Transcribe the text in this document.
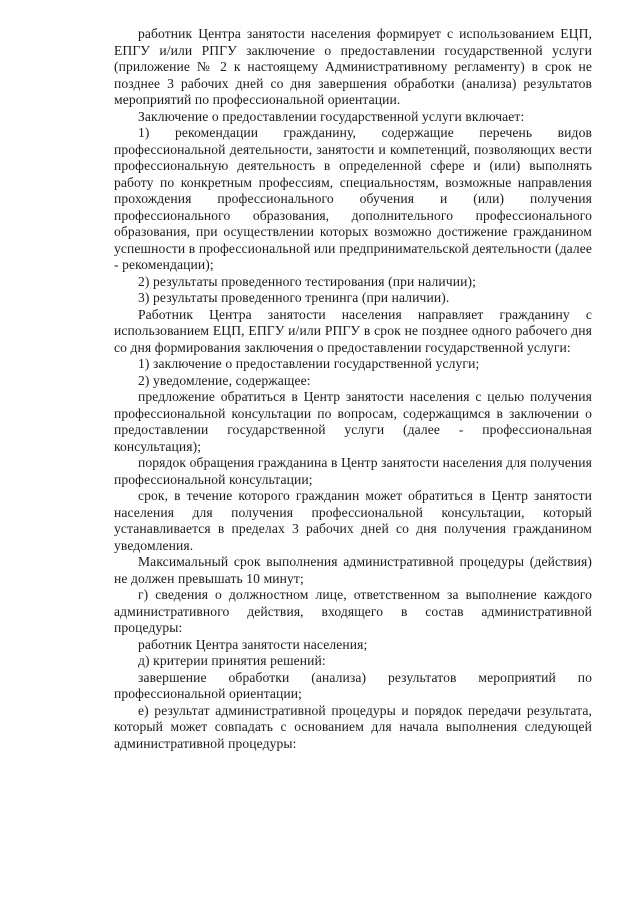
работник Центра занятости населения формирует с использованием ЕЦП, ЕПГУ и/или РПГУ заключение о предоставлении государственной услуги (приложение № 2 к настоящему Административному регламенту) в срок не позднее 3 рабочих дней со дня завершения обработки (анализа) результатов мероприятий по профессиональной ориентации.

Заключение о предоставлении государственной услуги включает:

1) рекомендации гражданину, содержащие перечень видов профессиональной деятельности, занятости и компетенций, позволяющих вести профессиональную деятельность в определенной сфере и (или) выполнять работу по конкретным профессиям, специальностям, возможные направления прохождения профессионального обучения и (или) получения профессионального образования, дополнительного профессионального образования, при осуществлении которых возможно достижение гражданином успешности в профессиональной или предпринимательской деятельности (далее - рекомендации);

2) результаты проведенного тестирования (при наличии);

3) результаты проведенного тренинга (при наличии).

Работник Центра занятости населения направляет гражданину с использованием ЕЦП, ЕПГУ и/или РПГУ в срок не позднее одного рабочего дня со дня формирования заключения о предоставлении государственной услуги:

1) заключение о предоставлении государственной услуги;

2) уведомление, содержащее:

предложение обратиться в Центр занятости населения с целью получения профессиональной консультации по вопросам, содержащимся в заключении о предоставлении государственной услуги (далее - профессиональная консультация);

порядок обращения гражданина в Центр занятости населения для получения профессиональной консультации;

срок, в течение которого гражданин может обратиться в Центр занятости населения для получения профессиональной консультации, который устанавливается в пределах 3 рабочих дней со дня получения гражданином уведомления.

Максимальный срок выполнения административной процедуры (действия) не должен превышать 10 минут;

г) сведения о должностном лице, ответственном за выполнение каждого административного действия, входящего в состав административной процедуры:

работник Центра занятости населения;

д) критерии принятия решений:

завершение обработки (анализа) результатов мероприятий по профессиональной ориентации;

е) результат административной процедуры и порядок передачи результата, который может совпадать с основанием для начала выполнения следующей административной процедуры:
